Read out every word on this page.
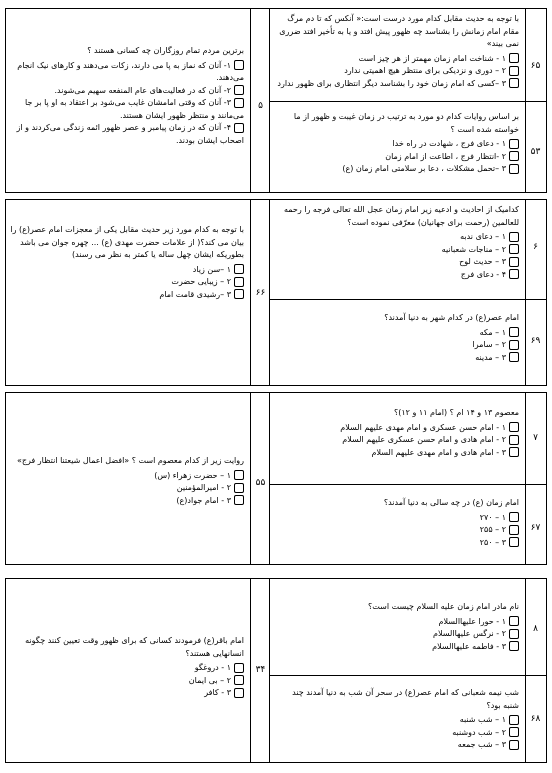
با توجه به حدیث مقابل کدام مورد درست است:« آنکس که تا دم مرگ مقام امام زمانش را بشناسد چه ظهور پیش افتد و یا به تأخیر افتد ضرری نمی بیند»
۱ - شناخت امام زمان مهمتر از هر چیز است
۲ – دوری و نزدیکی برای منتظر هیچ اهمیتی ندارد
۳ –کسی که امام زمان خود را بشناسد دیگر انتظاری برای ظهور ندارد
۶۵
بر اساس روایات کدام دو مورد به ترتیب در زمان غیبت و ظهور از ما خواسته شده است ؟
۱ - دعای فرج ، شهادت در راه خدا
۲ -انتظار فرج ، اطاعت از امام زمان
۳ –تحمل مشکلات ، دعا بر سلامتی امام زمان (ع)
۵۳
برترین مردم تمام روزگاران چه کسانی هستند ؟
۱- آنان که نماز به پا می دارند، زکات می‌دهند و کارهای نیک انجام می‌دهند.
۲- آنان که در فعالیت‌های عام المنفعه سهیم می‌شوند.
۳- آنان که وقتی امامشان غایب می‌شود بر اعتقاد به او پا بر جا می‌مانند و منتظر ظهور ایشان هستند.
۴- آنان که در زمان پیامبر و عصر ظهور ائمه زندگی می‌کردند و از اصحاب ایشان بودند.
۵
کدامیک از احادیث و ادعیه زیر امام زمان عجل الله تعالی فرجه را رحمه للعالمین (رحمت برای جهانیان) معرّفی نموده است؟
۱ – دعای ندبه
۲ – مناجات شعبانیه
۳ – حدیث لوح
۴ - دعای فرج
۶
امام عصر(ع) در کدام شهر به دنیا آمدند؟
۱ – مکه
۲ – سامرا
۳ – مدینه
۶۹
با توجه به کدام مورد زیر حدیث مقابل یکی از معجزات امام عصر(ع) را بیان می کند؟( از علامات حضرت مهدی (ع) ... چهره جوان می باشد بطوریکه ایشان چهل ساله یا کمتر به نظر می رسند)
۱ –سن زیاد
۲ – زیبایی حضرت
۳ –رشیدی قامت امام	۶۶
معصوم ۱۳ و ۱۴ ام ؟ (امام ۱۱ و ۱۲)؟
۱ - امام حسن عسکری و امام مهدی علیهم السلام
۲ - امام هادی و امام حسن عسکری علیهم السلام
۳ - امام هادی و امام مهدی علیهم السلام
۷
امام زمان (ع) در چه سالی به دنیا آمدند؟
۱ – ۲۷۰
۲ – ۲۵۵
۳ – ۲۵۰
۶۷
روایت زیر از کدام معصوم است ؟ «افضل اعمال شیعتنا انتظار فرج»
۱ – حضرت زهراء (س)
۲ - امیرالمؤمنین
۳ - امام جواد(ع)
۵۵
نام مادر امام زمان علیه السلام چیست است؟
۱ - حورا علیهاالسلام
۲ - نرگس علیهاالسلام
۳ - فاطمه علیهاالسلام
۸
شب نیمه شعبانی که امام عصر(ع) در سحر آن شب به دنیا آمدند چند شنبه بود؟
۱ – شب شنبه
۲ – شب دوشنبه
۳ – شب جمعه
۶۸
امام باقر(ع) فرمودند کسانی که برای ظهور وقت تعیین کنند چگونه انسانهایی هستند؟
۱ - دروغگو
۲ – بی ایمان
۳ - کافر
۳۴
